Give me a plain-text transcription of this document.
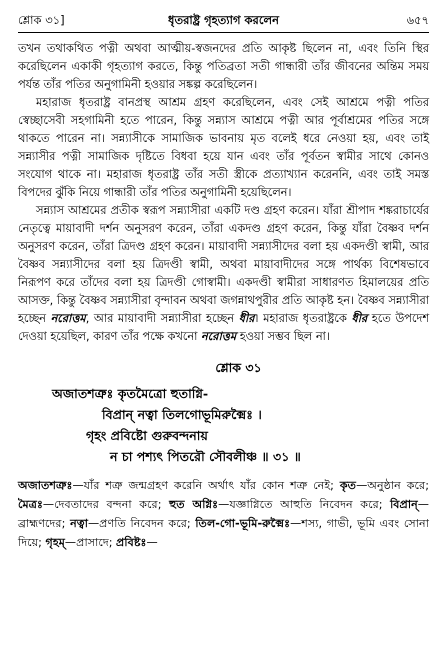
শ্লোক ৩১]	ধৃতরাষ্ট্র গৃহত্যাগ করলেন	৬৫৭

তখন তথাকথিত পত্নী অথবা আত্মীয়-স্বজনদের প্রতি আকৃষ্ট ছিলেন না, এবং তিনি স্থির করেছিলেন একাকী গৃহত্যাগ করতে, কিন্তু পতিব্রতা সতী গান্ধারী তাঁর জীবনের অন্তিম সময় পর্যন্ত তাঁর পতির অনুগামিনী হওয়ার সঙ্কল্প করেছিলেন।

মহারাজ ধৃতরাষ্ট্র বানপ্রস্থ আশ্রম গ্রহণ করেছিলেন, এবং সেই আশ্রমে পত্নী পতির স্বেচ্ছাসেবী সহগামিনী হতে পারেন, কিন্তু সন্ন্যাস আশ্রমে পত্নী আর পূর্বাশ্রমের পতির সঙ্গে থাকতে পারেন না। সন্ন্যাসীকে সামাজিক ভাবনায় মৃত বলেই ধরে নেওয়া হয়, এবং তাই সন্ন্যাসীর পত্নী সামাজিক দৃষ্টিতে বিধবা হয়ে যান এবং তাঁর পূর্বতন স্বামীর সাথে কোনও সংযোগ থাকে না। মহারাজ ধৃতরাষ্ট্র তাঁর সতী স্ত্রীকে প্রত্যাখ্যান করেননি, এবং তাই সমস্ত বিপদের ঝুঁকি নিয়ে গান্ধারী তাঁর পতির অনুগামিনী হয়েছিলেন।

সন্ন্যাস আশ্রমের প্রতীক স্বরূপ সন্ন্যাসীরা একটি দণ্ড গ্রহণ করেন। যাঁরা শ্রীপাদ শঙ্করাচার্যের নেতৃত্বে মায়াবাদী দর্শন অনুসরণ করেন, তাঁরা একদণ্ড গ্রহণ করেন, কিন্তু যাঁরা বৈষ্ণব দর্শন অনুসরণ করেন, তাঁরা ত্রিদণ্ড গ্রহণ করেন। মায়াবাদী সন্ন্যাসীদের বলা হয় একদণ্ডী স্বামী, আর বৈষ্ণব সন্ন্যাসীদের বলা হয় ত্রিদণ্ডী স্বামী, অথবা মায়াবাদীদের সঙ্গে পার্থক্য বিশেষভাবে নিরূপণ করে তাঁদের বলা হয় ত্রিদণ্ডী গোস্বামী। একদণ্ডী স্বামীরা সাধারণত হিমালয়ের প্রতি আসক্ত, কিন্তু বৈষ্ণব সন্ন্যাসীরা বৃন্দাবন অথবা জগন্নাথপুরীর প্রতি আকৃষ্ট হন। বৈষ্ণব সন্ন্যাসীরা হচ্ছেন নরোত্তম, আর মায়াবাদী সন্ন্যাসীরা হচ্ছেন ধীর। মহারাজ ধৃতরাষ্ট্রকে ধীর হতে উপদেশ দেওয়া হয়েছিল, কারণ তাঁর পক্ষে কখনো নরোত্তম হওয়া সম্ভব ছিল না।

শ্লোক ৩১
অজাতশত্রুঃ কৃতমৈত্রো হুতাগ্নি-
বিপ্রান্ নত্বা তিলগোভূমিরুক্মৈঃ ।
গৃহং প্রবিষ্টো গুরুবন্দনায়
ন চা পশ্যৎ পিতরৌ সৌবলীঞ্চ ॥ ৩১ ॥
অজাতশত্রুঃ—যাঁর শত্রু জন্মগ্রহণ করেনি অর্থাৎ যাঁর কোন শত্রু নেই; কৃত—অনুষ্ঠান করে; মৈত্রঃ—দেবতাদের বন্দনা করে; হুত অগ্নিঃ—যজ্ঞাগ্নিতে আহুতি নিবেদন করে; বিপ্রান্—ব্রাহ্মণদের; নত্বা—প্রণতি নিবেদন করে; তিল-গো-ভূমি-রুক্মৈঃ—শস্য, গাভী, ভূমি এবং সোনা দিয়ে; গৃহম্—প্রাসাদে; প্রবিষ্টঃ—
